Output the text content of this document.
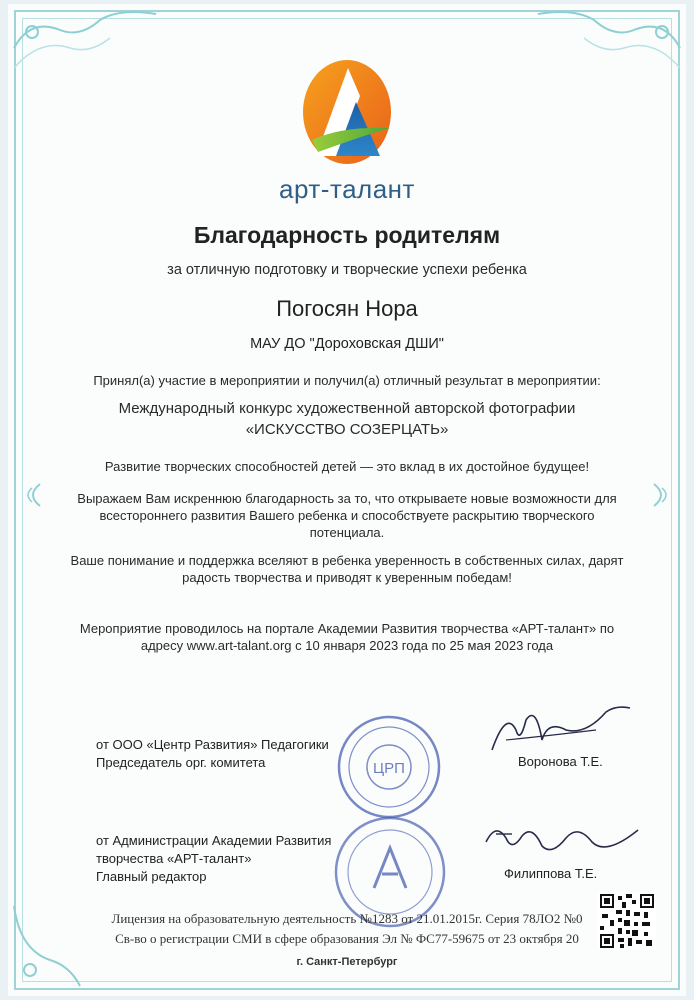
арт-талант
Благодарность родителям
за отличную подготовку и творческие успехи ребенка
Погосян Нора
МАУ ДО "Дороховская ДШИ"
Принял(а) участие в мероприятии и получил(а) отличный результат в мероприятии:
Международный конкурс художественной авторской фотографии
«ИСКУССТВО СОЗЕРЦАТЬ»
Развитие творческих способностей детей — это вклад в их достойное будущее!
Выражаем Вам искреннюю благодарность за то, что открываете новые возможности для
всестороннего развития Вашего ребенка и способствуете раскрытию творческого
потенциала.
Ваше понимание и поддержка вселяют в ребенка уверенность в собственных силах, дарят
радость творчества и приводят к уверенным победам!
Мероприятие проводилось на портале Академии Развития творчества «АРТ-талант» по
адресу www.art-talant.org с 10 января 2023 года по 25 мая 2023 года
ЦРП
от ООО «Центр Развития» Педагогики
Председатель орг. комитета	Воронова Т.Е.
от Администрации Академии Развития
творчества «АРТ-талант»
Главный редактор	Филиппова Т.Е.
Лицензия на образовательную деятельность №1283 от 21.01.2015г. Серия 78ЛО2 №0
Св-во о регистрации СМИ в сфере образования Эл № ФС77-59675 от 23 октября 20
г. Санкт-Петербург
